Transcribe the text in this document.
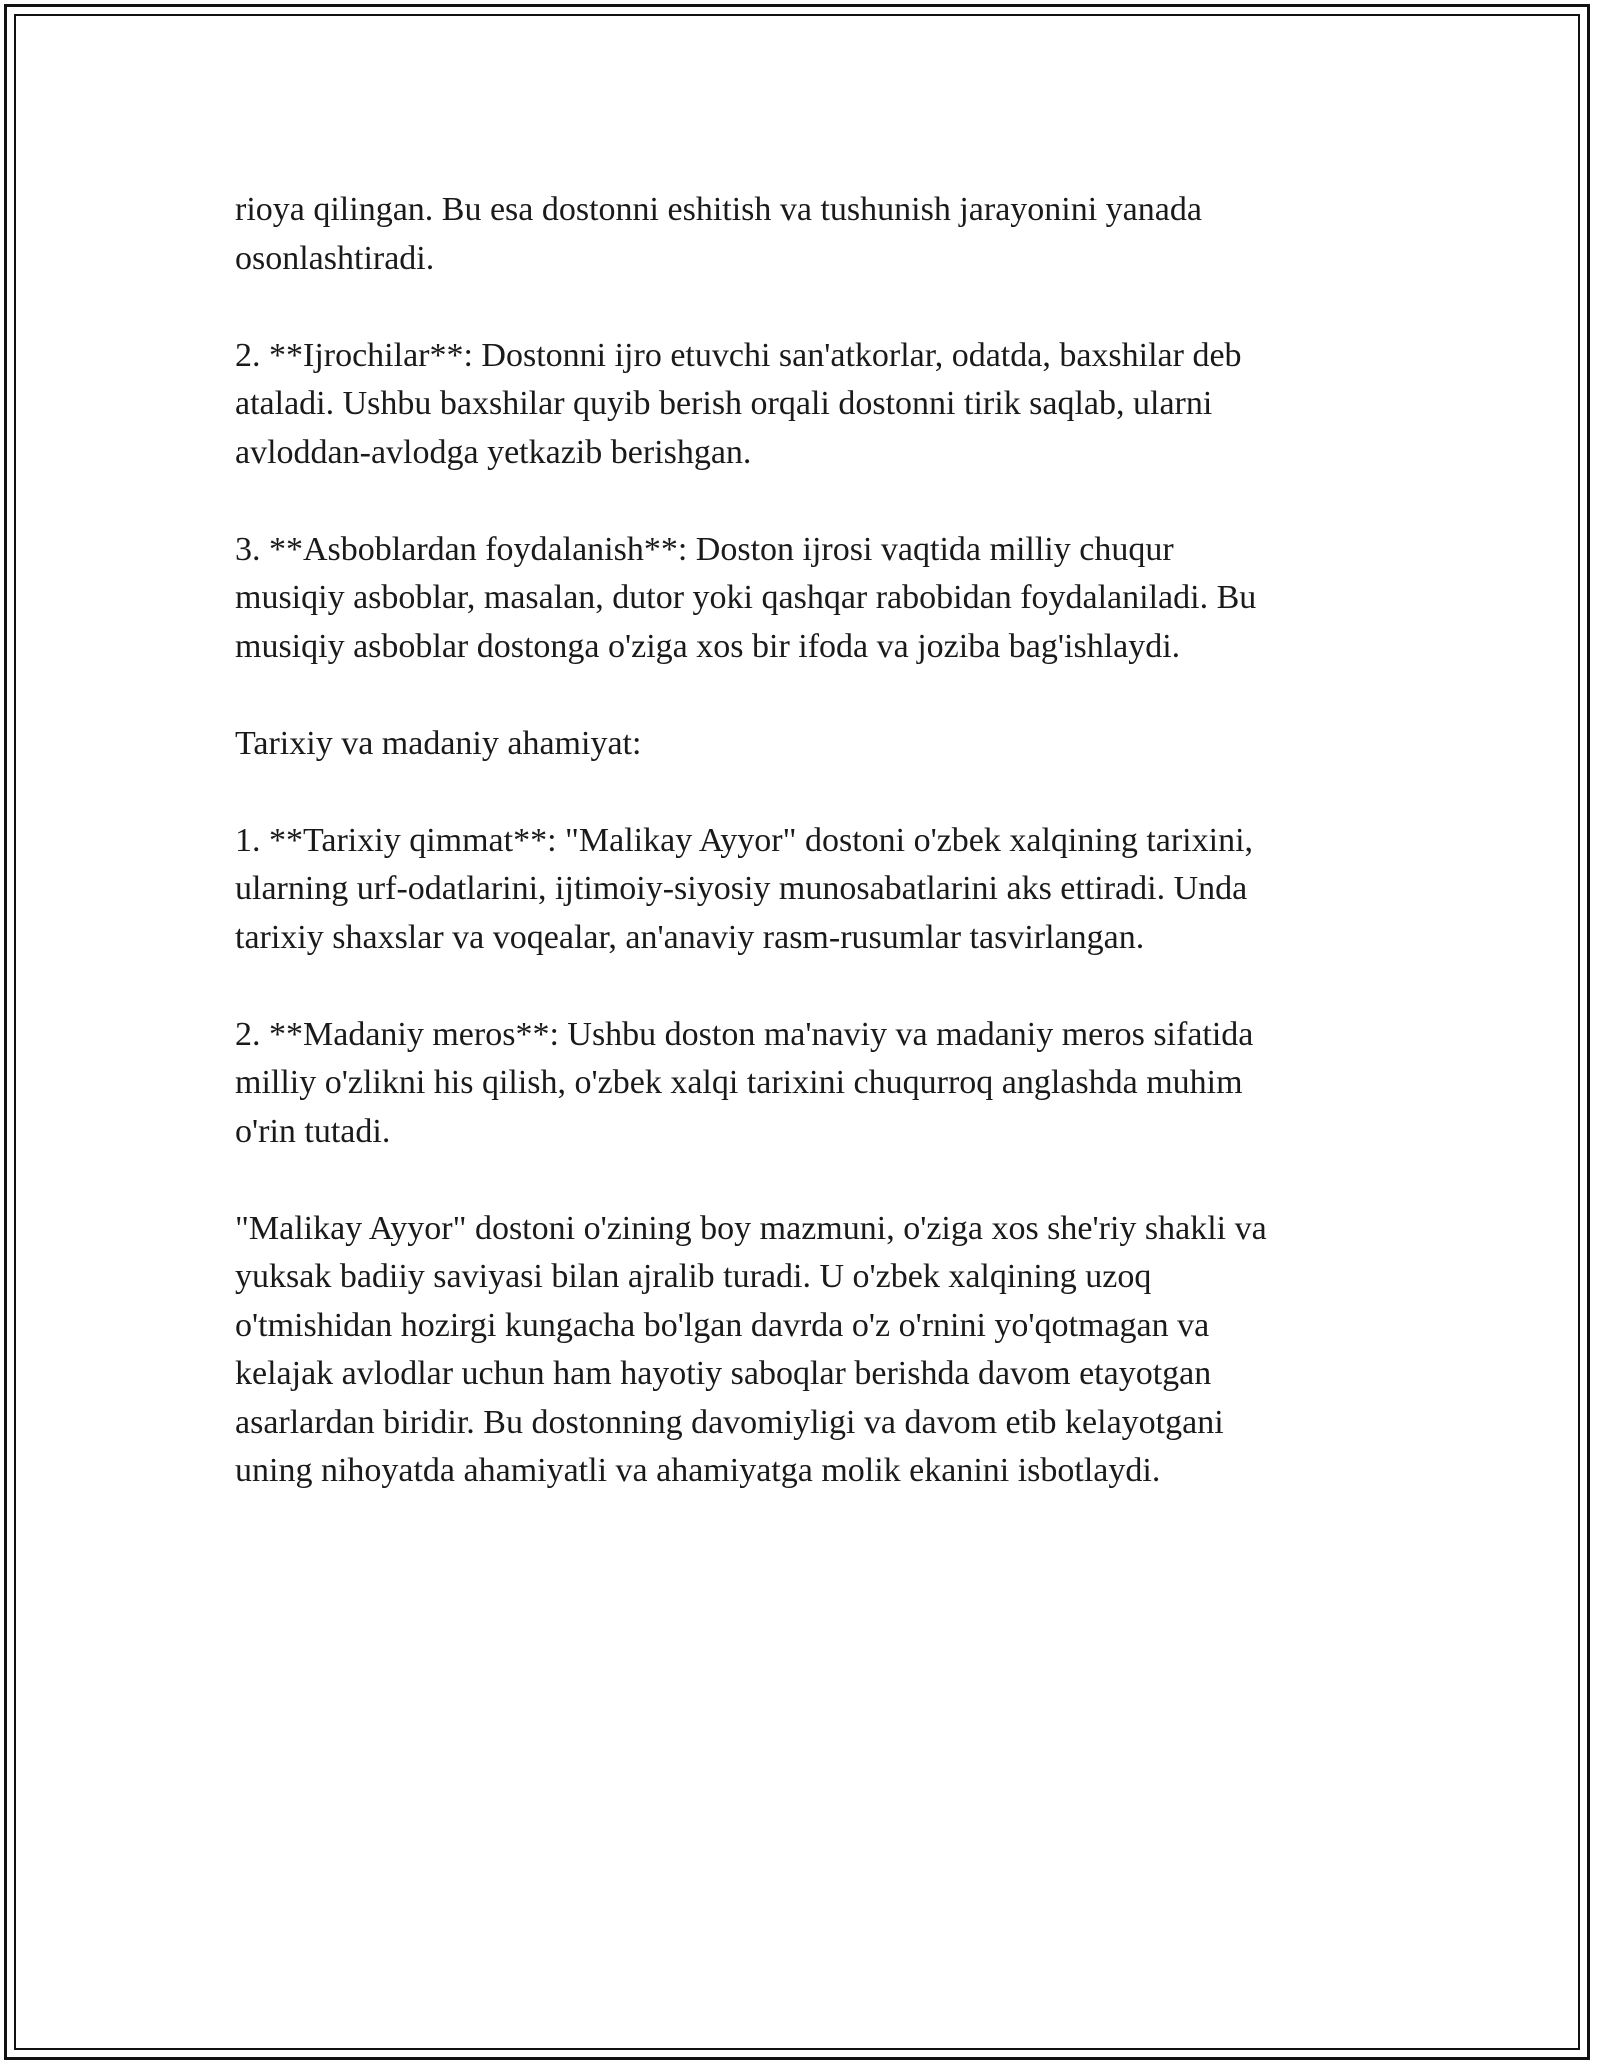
rioya qilingan. Bu esa dostonni eshitish va tushunish jarayonini yanada
osonlashtiradi.

2. **Ijrochilar**: Dostonni ijro etuvchi san'atkorlar, odatda, baxshilar deb
ataladi. Ushbu baxshilar quyib berish orqali dostonni tirik saqlab, ularni
avloddan-avlodga yetkazib berishgan.

3. **Asboblardan foydalanish**: Doston ijrosi vaqtida milliy chuqur
musiqiy asboblar, masalan, dutor yoki qashqar rabobidan foydalaniladi. Bu
musiqiy asboblar dostonga o'ziga xos bir ifoda va joziba bag'ishlaydi.

Tarixiy va madaniy ahamiyat:

1. **Tarixiy qimmat**: "Malikay Ayyor" dostoni o'zbek xalqining tarixini,
ularning urf-odatlarini, ijtimoiy-siyosiy munosabatlarini aks ettiradi. Unda
tarixiy shaxslar va voqealar, an'anaviy rasm-rusumlar tasvirlangan.

2. **Madaniy meros**: Ushbu doston ma'naviy va madaniy meros sifatida
milliy o'zlikni his qilish, o'zbek xalqi tarixini chuqurroq anglashda muhim
o'rin tutadi.

"Malikay Ayyor" dostoni o'zining boy mazmuni, o'ziga xos she'riy shakli va
yuksak badiiy saviyasi bilan ajralib turadi. U o'zbek xalqining uzoq
o'tmishidan hozirgi kungacha bo'lgan davrda o'z o'rnini yo'qotmagan va
kelajak avlodlar uchun ham hayotiy saboqlar berishda davom etayotgan
asarlardan biridir. Bu dostonning davomiyligi va davom etib kelayotgani
uning nihoyatda ahamiyatli va ahamiyatga molik ekanini isbotlaydi.
